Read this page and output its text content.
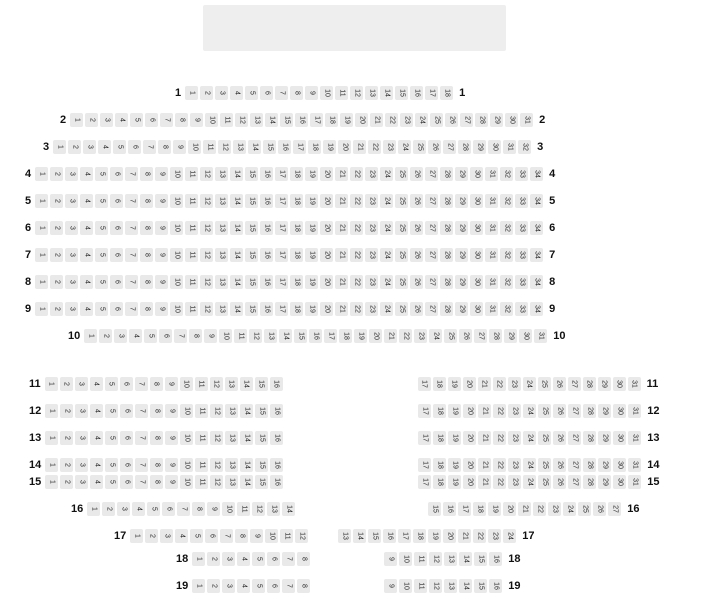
1	1 2 3 4 5 6 7 8 9 10 11 12 13 14 15 16 17 18 1
2	1 2 3 4 5 6 7 8 9 10 11 12 13 14 15 16 17 18 19 20 21 22 23 24 25 26 27 28 29 30 31 2
3	1 2 3 4 5 6 7 8 9 10 11 12 13 14 15 16 17 18 19 20 21 22 23 24 25 26 27 28 29 30 31 32 3
4	1 2 3 4 5 6 7 8 9 10 11 12 13 14 15 16 17 18 19 20 21 22 23 24 25 26 27 28 29 30 31 32 33 34 4
5	1 2 3 4 5 6 7 8 9 10 11 12 13 14 15 16 17 18 19 20 21 22 23 24 25 26 27 28 29 30 31 32 33 34 5
6	1 2 3 4 5 6 7 8 9 10 11 12 13 14 15 16 17 18 19 20 21 22 23 24 25 26 27 28 29 30 31 32 33 34 6
7	1 2 3 4 5 6 7 8 9 10 11 12 13 14 15 16 17 18 19 20 21 22 23 24 25 26 27 28 29 30 31 32 33 34 7
8	1 2 3 4 5 6 7 8 9 10 11 12 13 14 15 16 17 18 19 20 21 22 23 24 25 26 27 28 29 30 31 32 33 34 8
9	1 2 3 4 5 6 7 8 9 10 11 12 13 14 15 16 17 18 19 20 21 22 23 24 25 26 27 28 29 30 31 32 33 34 9
10	1 2 3 4 5 6 7 8 9 10 11 12 13 14 15 16 17 18 19 20 21 22 23 24 25 26 27 28 29 30 31 10
11	1 2 3 4 5 6 7 8 9 10 11 12 13 14 15 16	17 18 19 20 21 22 23 24 25 26 27 28 29 30 31 11
12	1 2 3 4 5 6 7 8 9 10 11 12 13 14 15 16	17 18 19 20 21 22 23 24 25 26 27 28 29 30 31 12
13	1 2 3 4 5 6 7 8 9 10 11 12 13 14 15 16	17 18 19 20 21 22 23 24 25 26 27 28 29 30 31 13
14	1 2 3 4 5 6 7 8 9 10 11 12 13 14 15 16	17 18 19 20 21 22 23 24 25 26 27 28 29 30 31 14
15	1 2 3 4 5 6 7 8 9 10 11 12 13 14 15 16	17 18 19 20 21 22 23 24 25 26 27 28 29 30 31 15
16	1 2 3 4 5 6 7 8 9 10 11 12 13 14	15 16 17 18 19 20 21 22 23 24 25 26 27 16
17	1 2 3 4 5 6 7 8 9 10 11 12	13 14 15 16 17 18 19 20 21 22 23 24 17
18	1 2 3 4 5 6 7 8	9 10 11 12 13 14 15 16 18
19	1 2 3 4 5 6 7 8	9 10 11 12 13 14 15 16 19
